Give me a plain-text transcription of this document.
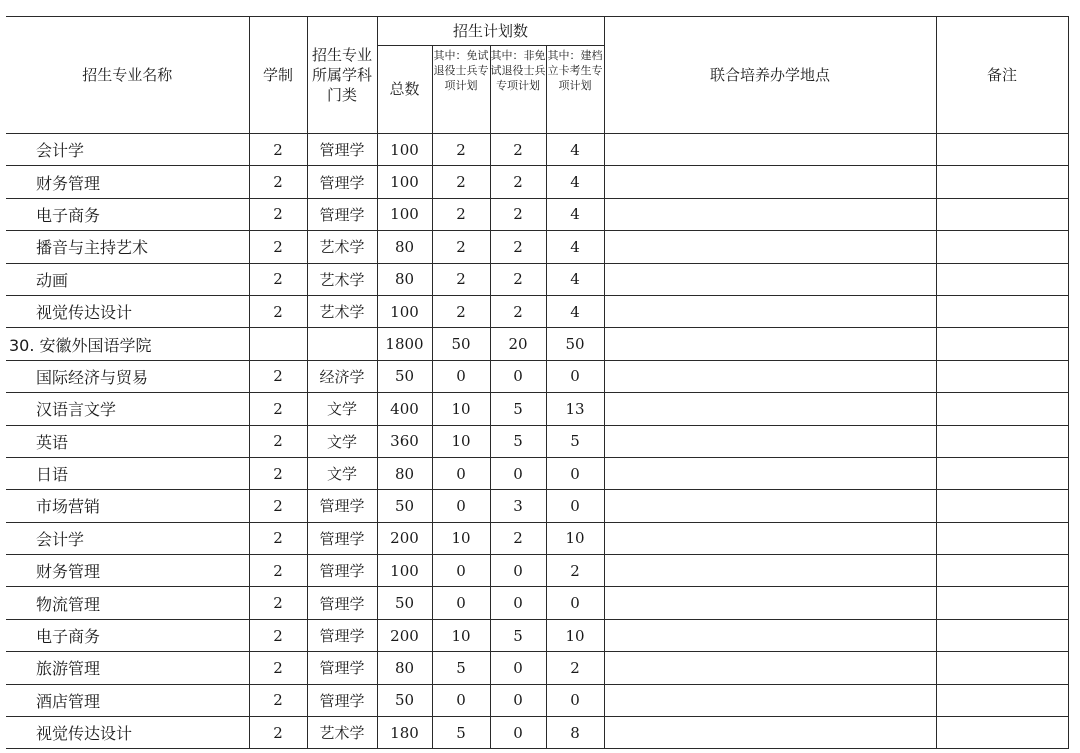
招生专业名称	学制	招生专业所属学科门类	招生计划数				联合培养办学地点	备注
			总数	其中：免试退役士兵专项计划	其中：非免试退役士兵专项计划	其中：建档立卡考生专项计划		
会计学	2	管理学	100	2	2	4		
财务管理	2	管理学	100	2	2	4		
电子商务	2	管理学	100	2	2	4		
播音与主持艺术	2	艺术学	80	2	2	4		
动画	2	艺术学	80	2	2	4		
视觉传达设计	2	艺术学	100	2	2	4		
30. 安徽外国语学院			1800	50	20	50		
国际经济与贸易	2	经济学	50	0	0	0		
汉语言文学	2	文学	400	10	5	13		
英语	2	文学	360	10	5	5		
日语	2	文学	80	0	0	0		
市场营销	2	管理学	50	0	3	0		
会计学	2	管理学	200	10	2	10		
财务管理	2	管理学	100	0	0	2		
物流管理	2	管理学	50	0	0	0		
电子商务	2	管理学	200	10	5	10		
旅游管理	2	管理学	80	5	0	2		
酒店管理	2	管理学	50	0	0	0		
视觉传达设计	2	艺术学	180	5	0	8		
